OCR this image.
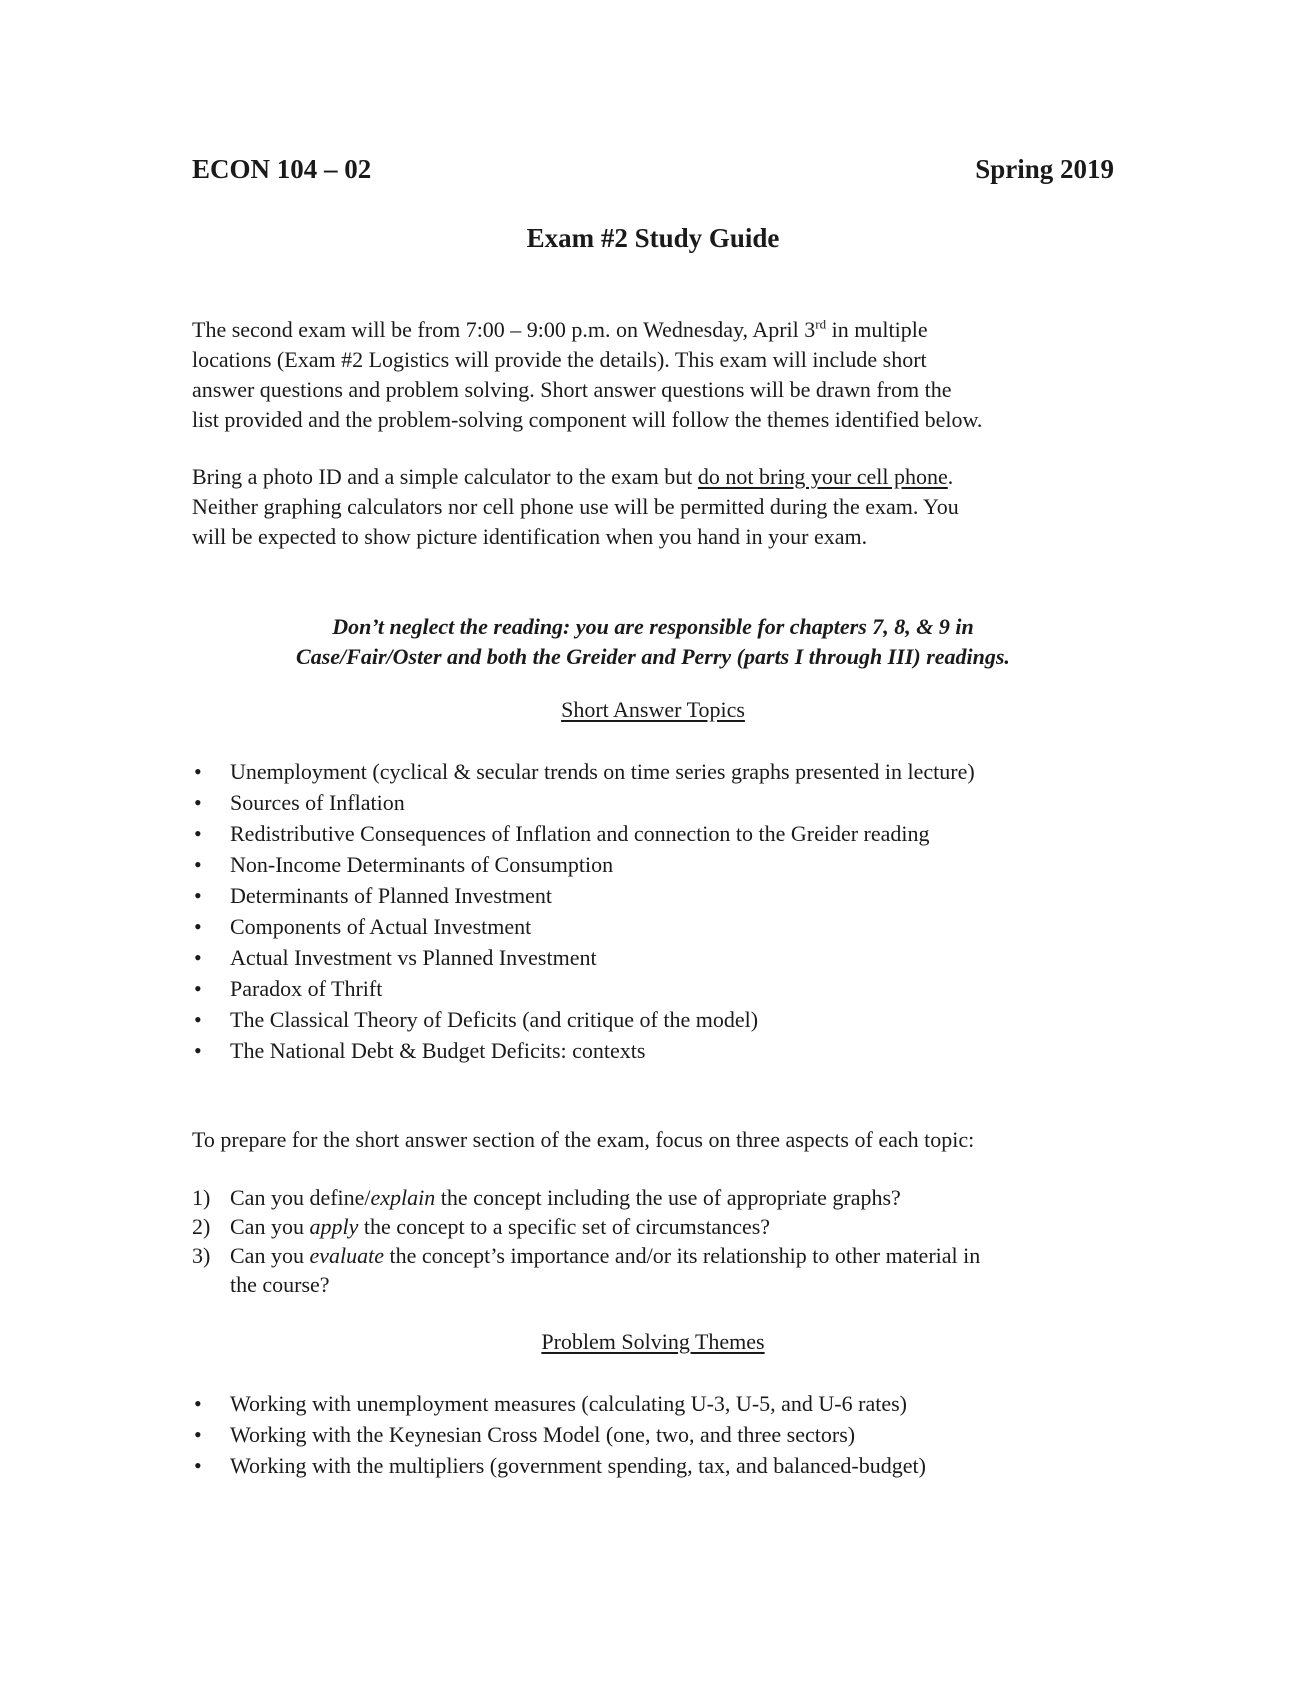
ECON 104 – 02	Spring 2019
Exam #2 Study Guide

The second exam will be from 7:00 – 9:00 p.m. on Wednesday, April 3rd in multiple

locations (Exam #2 Logistics will provide the details). This exam will include short

answer questions and problem solving. Short answer questions will be drawn from the

list provided and the problem-solving component will follow the themes identified below.

Bring a photo ID and a simple calculator to the exam but do not bring your cell phone.

Neither graphing calculators nor cell phone use will be permitted during the exam. You

will be expected to show picture identification when you hand in your exam.

Don’t neglect the reading: you are responsible for chapters 7, 8, & 9 in

Case/Fair/Oster and both the Greider and Perry (parts I through III) readings.

Short Answer Topics
• Unemployment (cyclical & secular trends on time series graphs presented in lecture)
• Sources of Inflation
• Redistributive Consequences of Inflation and connection to the Greider reading
• Non-Income Determinants of Consumption
• Determinants of Planned Investment
• Components of Actual Investment
• Actual Investment vs Planned Investment
• Paradox of Thrift
• The Classical Theory of Deficits (and critique of the model)
• The National Debt & Budget Deficits: contexts

To prepare for the short answer section of the exam, focus on three aspects of each topic:

1) Can you define/explain the concept including the use of appropriate graphs?
2) Can you apply the concept to a specific set of circumstances?
3) Can you evaluate the concept’s importance and/or its relationship to other material in
the course?
Problem Solving Themes
• Working with unemployment measures (calculating U-3, U-5, and U-6 rates)
• Working with the Keynesian Cross Model (one, two, and three sectors)
• Working with the multipliers (government spending, tax, and balanced-budget)
